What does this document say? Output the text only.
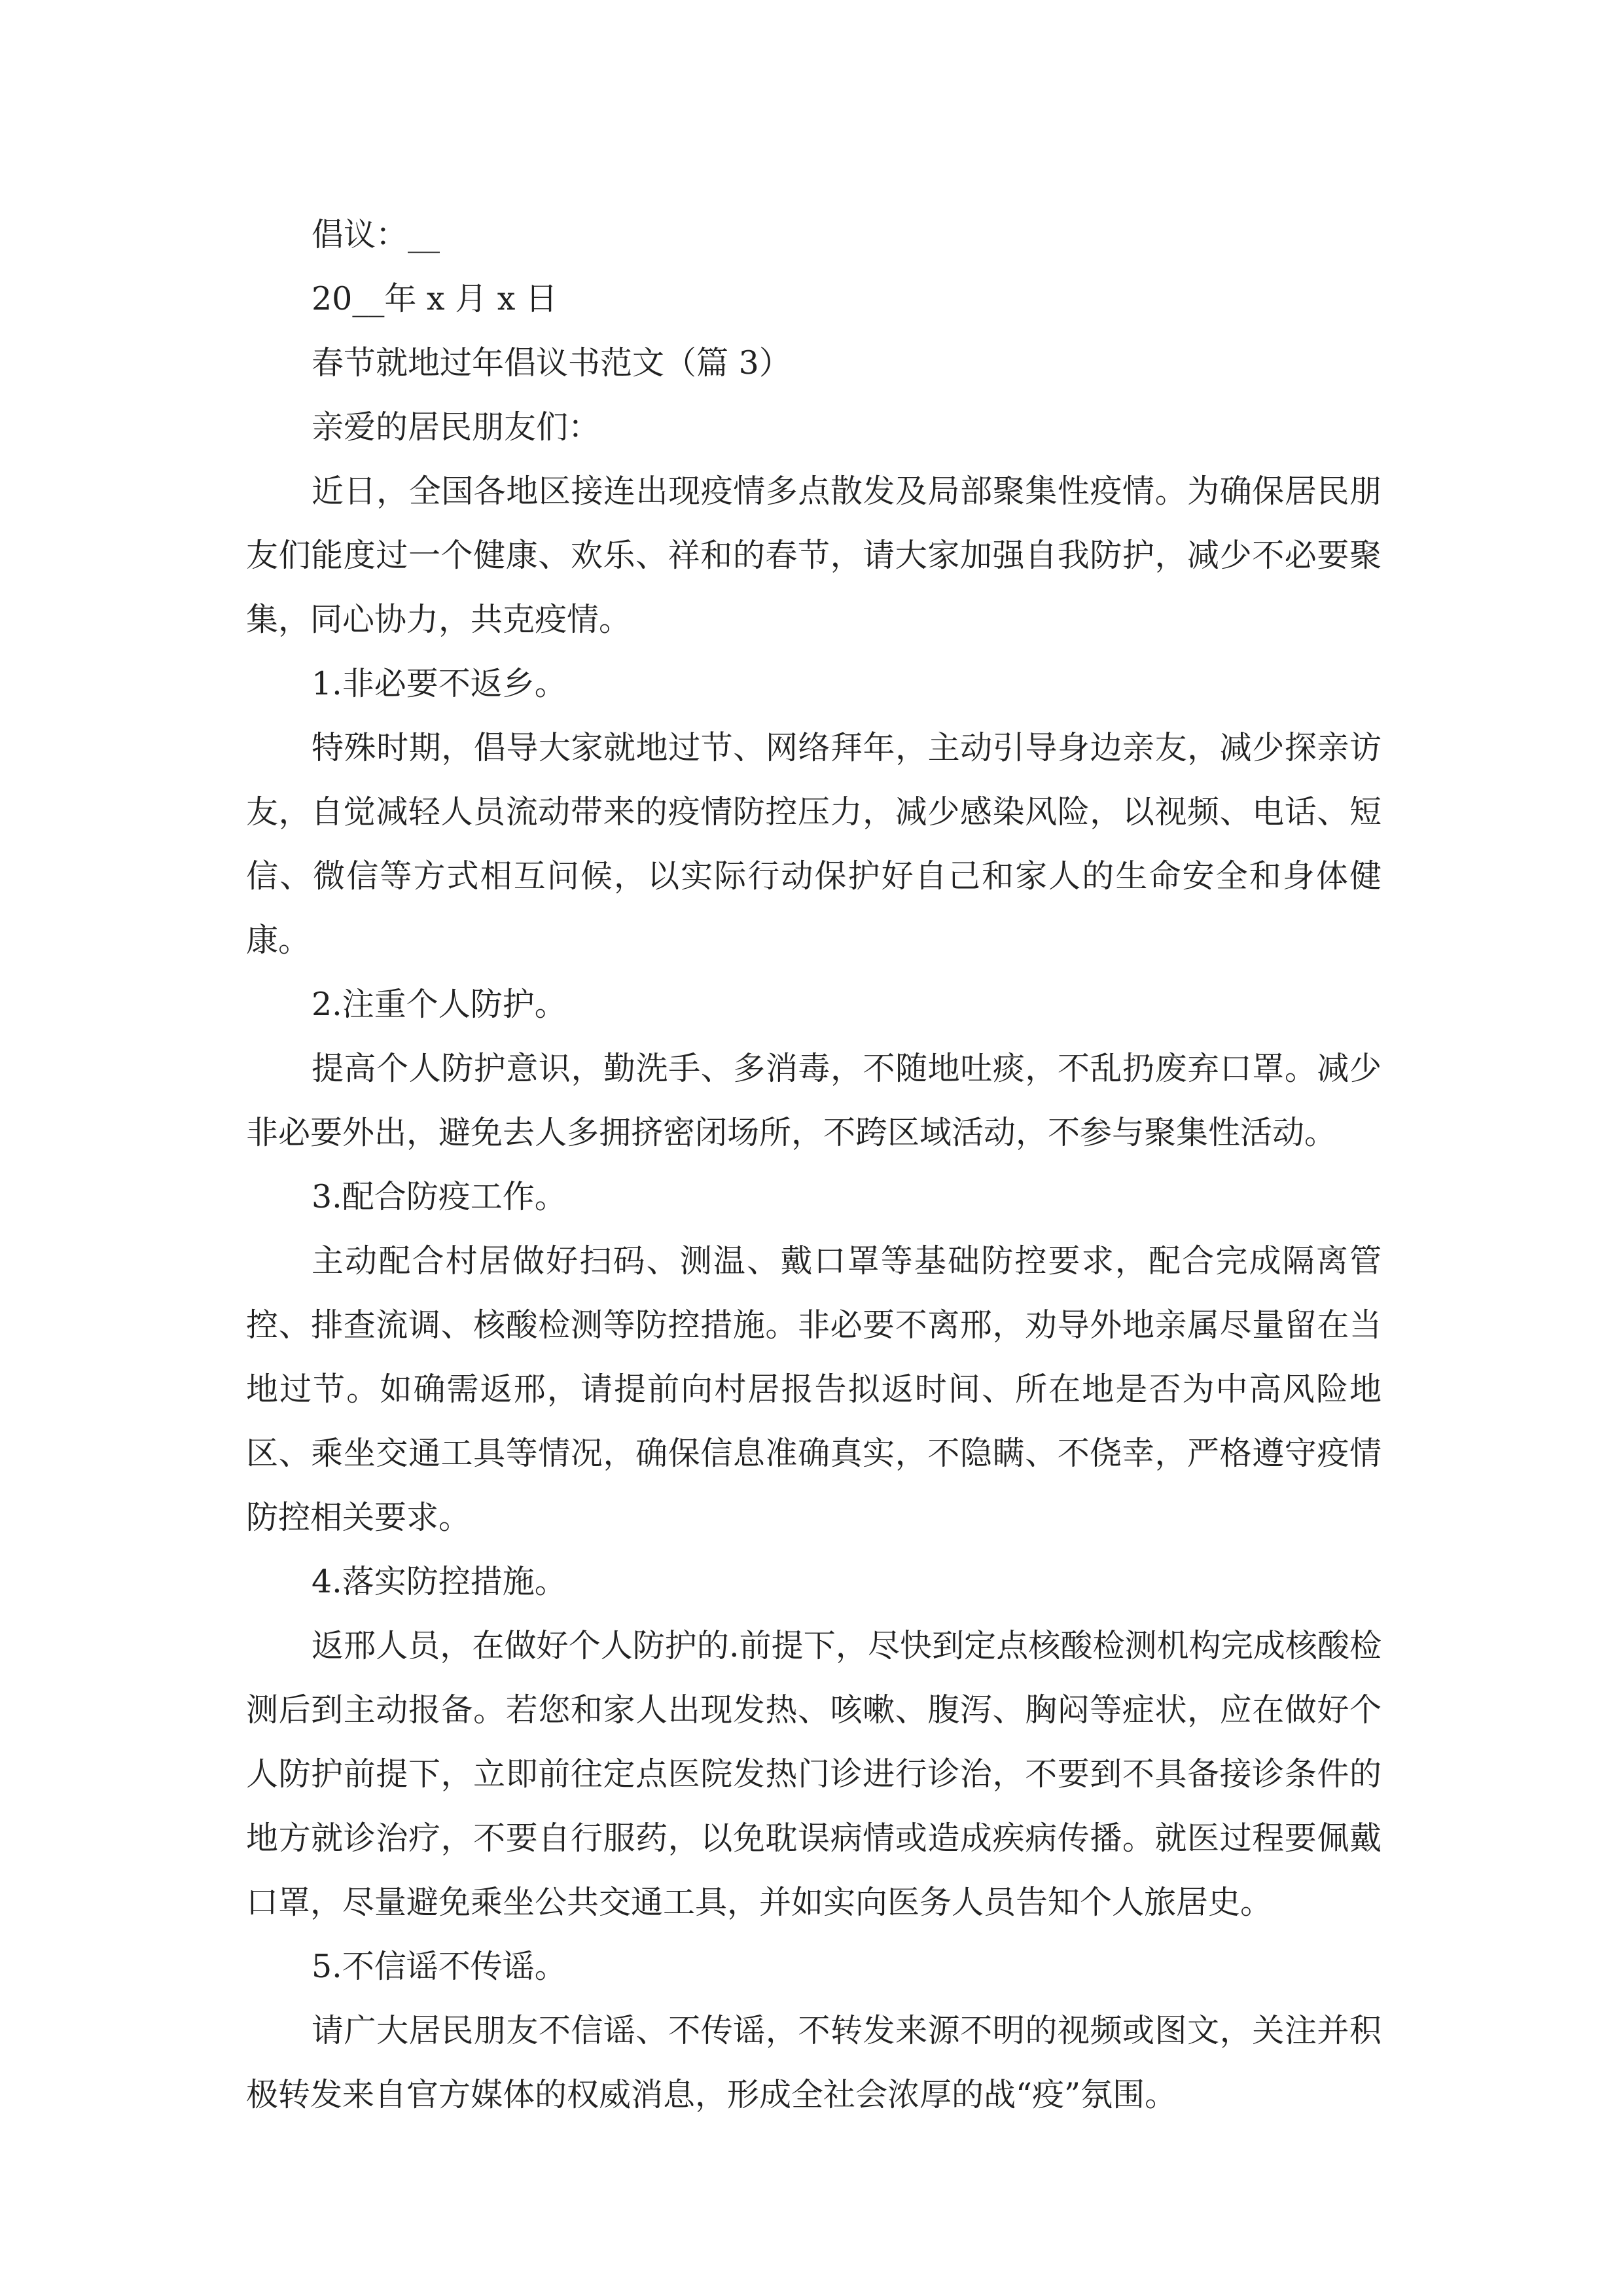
倡议：__

20__年 x 月 x 日

春节就地过年倡议书范文（篇 3）

亲爱的居民朋友们：

近日，全国各地区接连出现疫情多点散发及局部聚集性疫情。为确保居民朋友们能度过一个健康、欢乐、祥和的春节，请大家加强自我防护，减少不必要聚集，同心协力，共克疫情。

1.非必要不返乡。

特殊时期，倡导大家就地过节、网络拜年，主动引导身边亲友，减少探亲访友，自觉减轻人员流动带来的疫情防控压力，减少感染风险，以视频、电话、短信、微信等方式相互问候，以实际行动保护好自己和家人的生命安全和身体健康。

2.注重个人防护。

提高个人防护意识，勤洗手、多消毒，不随地吐痰，不乱扔废弃口罩。减少非必要外出，避免去人多拥挤密闭场所，不跨区域活动，不参与聚集性活动。

3.配合防疫工作。

主动配合村居做好扫码、测温、戴口罩等基础防控要求，配合完成隔离管控、排查流调、核酸检测等防控措施。非必要不离邢，劝导外地亲属尽量留在当地过节。如确需返邢，请提前向村居报告拟返时间、所在地是否为中高风险地区、乘坐交通工具等情况，确保信息准确真实，不隐瞒、不侥幸，严格遵守疫情防控相关要求。

4.落实防控措施。

返邢人员，在做好个人防护的.前提下，尽快到定点核酸检测机构完成核酸检测后到主动报备。若您和家人出现发热、咳嗽、腹泻、胸闷等症状，应在做好个人防护前提下，立即前往定点医院发热门诊进行诊治，不要到不具备接诊条件的地方就诊治疗，不要自行服药，以免耽误病情或造成疾病传播。就医过程要佩戴口罩，尽量避免乘坐公共交通工具，并如实向医务人员告知个人旅居史。

5.不信谣不传谣。

请广大居民朋友不信谣、不传谣，不转发来源不明的视频或图文，关注并积极转发来自官方媒体的权威消息，形成全社会浓厚的战“疫”氛围。
